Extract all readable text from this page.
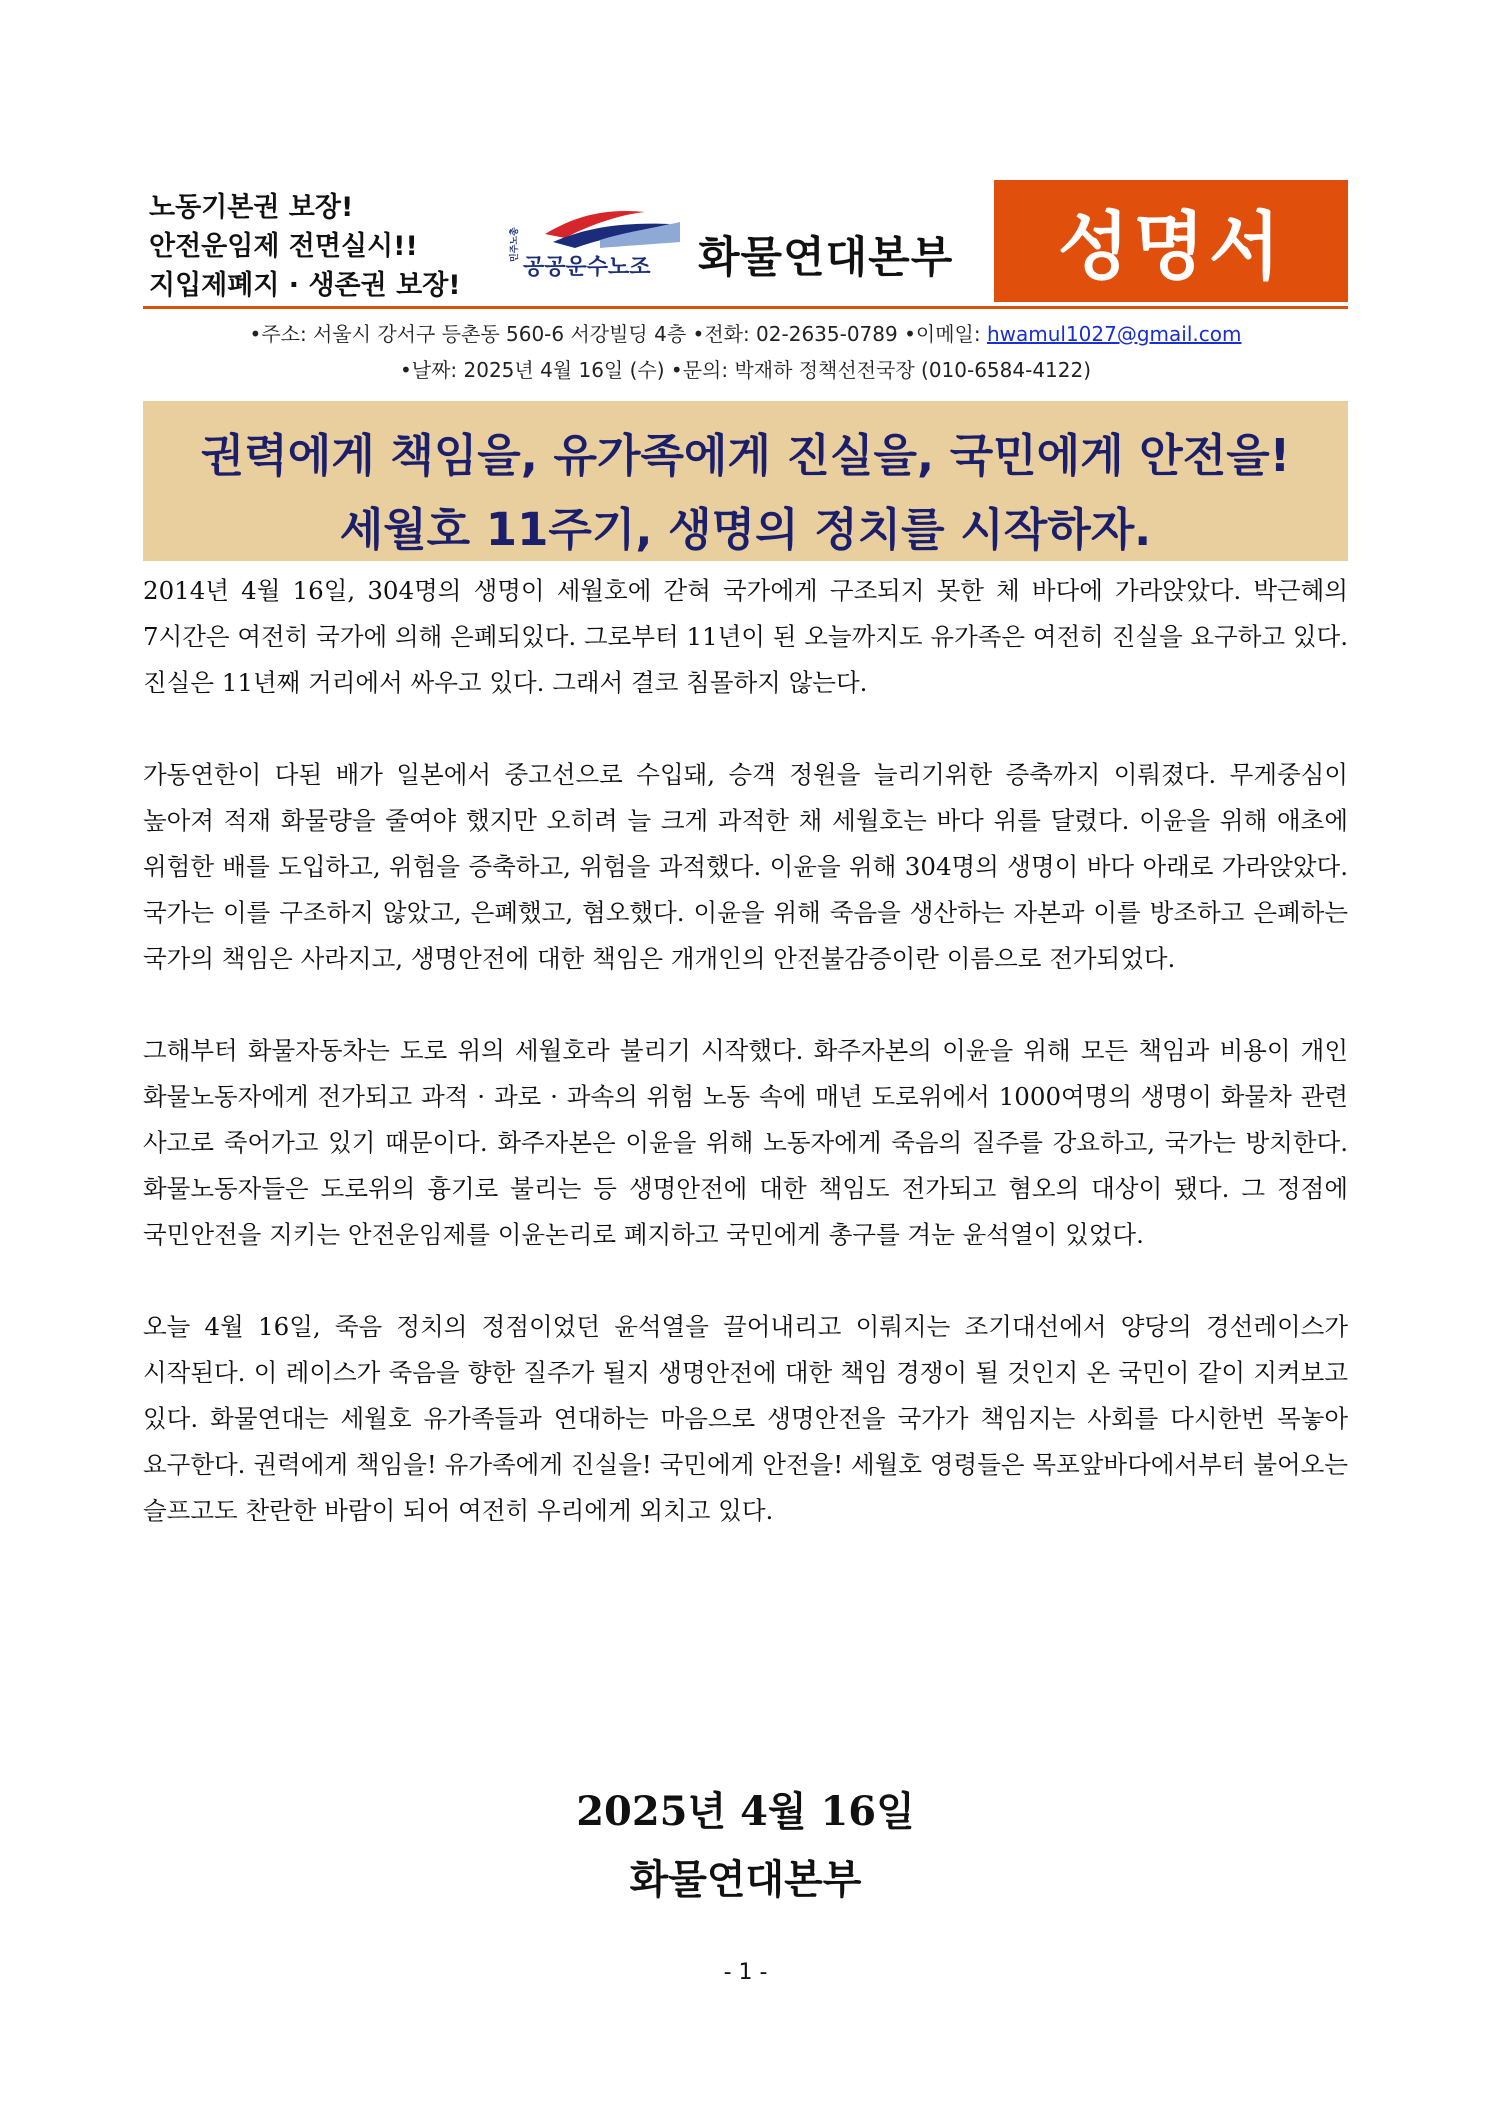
노동기본권 보장!
안전운임제 전면실시!!
지입제폐지 · 생존권 보장!
민주노총
공공운수노조 화물연대본부 성명서
•주소: 서울시 강서구 등촌동 560-6 서강빌딩 4층 •전화: 02-2635-0789 •이메일: hwamul1027@gmail.com
•날짜: 2025년 4월 16일 (수) •문의: 박재하 정책선전국장 (010-6584-4122)
권력에게 책임을, 유가족에게 진실을, 국민에게 안전을!
세월호 11주기, 생명의 정치를 시작하자.

2014년 4월 16일, 304명의 생명이 세월호에 갇혀 국가에게 구조되지 못한 체 바다에 가라앉았다. 박근혜의 7시간은 여전히 국가에 의해 은폐되있다. 그로부터 11년이 된 오늘까지도 유가족은 여전히 진실을 요구하고 있다. 진실은 11년째 거리에서 싸우고 있다. 그래서 결코 침몰하지 않는다.

가동연한이 다된 배가 일본에서 중고선으로 수입돼, 승객 정원을 늘리기위한 증축까지 이뤄졌다. 무게중심이 높아져 적재 화물량을 줄여야 했지만 오히려 늘 크게 과적한 채 세월호는 바다 위를 달렸다. 이윤을 위해 애초에 위험한 배를 도입하고, 위험을 증축하고, 위험을 과적했다. 이윤을 위해 304명의 생명이 바다 아래로 가라앉았다. 국가는 이를 구조하지 않았고, 은폐했고, 혐오했다. 이윤을 위해 죽음을 생산하는 자본과 이를 방조하고 은폐하는 국가의 책임은 사라지고, 생명안전에 대한 책임은 개개인의 안전불감증이란 이름으로 전가되었다.

그해부터 화물자동차는 도로 위의 세월호라 불리기 시작했다. 화주자본의 이윤을 위해 모든 책임과 비용이 개인 화물노동자에게 전가되고 과적 · 과로 · 과속의 위험 노동 속에 매년 도로위에서 1000여명의 생명이 화물차 관련 사고로 죽어가고 있기 때문이다. 화주자본은 이윤을 위해 노동자에게 죽음의 질주를 강요하고, 국가는 방치한다. 화물노동자들은 도로위의 흉기로 불리는 등 생명안전에 대한 책임도 전가되고 혐오의 대상이 됐다. 그 정점에 국민안전을 지키는 안전운임제를 이윤논리로 폐지하고 국민에게 총구를 겨눈 윤석열이 있었다.

오늘 4월 16일, 죽음 정치의 정점이었던 윤석열을 끌어내리고 이뤄지는 조기대선에서 양당의 경선레이스가 시작된다. 이 레이스가 죽음을 향한 질주가 될지 생명안전에 대한 책임 경쟁이 될 것인지 온 국민이 같이 지켜보고 있다. 화물연대는 세월호 유가족들과 연대하는 마음으로 생명안전을 국가가 책임지는 사회를 다시한번 목놓아 요구한다. 권력에게 책임을! 유가족에게 진실을! 국민에게 안전을! 세월호 영령들은 목포앞바다에서부터 불어오는 슬프고도 찬란한 바람이 되어 여전히 우리에게 외치고 있다.

2025년 4월 16일
화물연대본부
- 1 -
